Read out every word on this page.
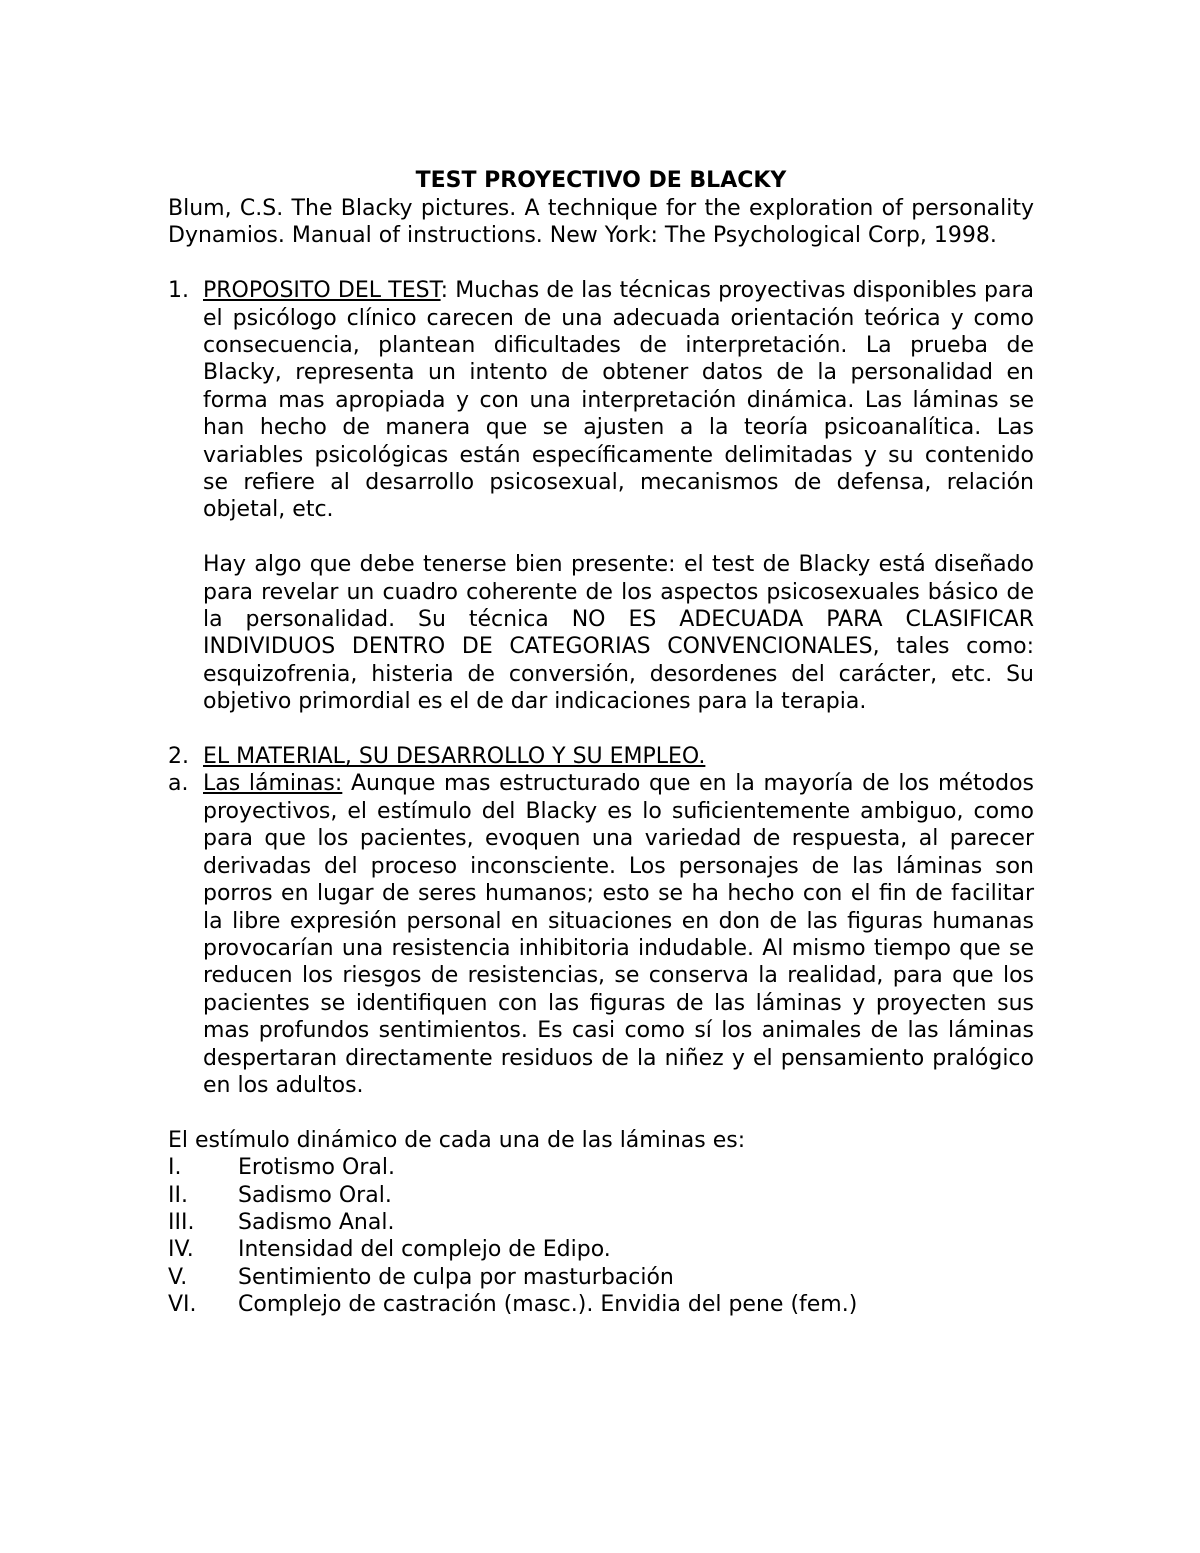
TEST PROYECTIVO DE BLACKY

Blum, C.S. The Blacky pictures. A technique for the exploration of personality Dynamios. Manual of instructions. New York: The Psychological Corp, 1998.

1. PROPOSITO DEL TEST: Muchas de las técnicas proyectivas disponibles para el psicólogo clínico carecen de una adecuada orientación teórica y como consecuencia, plantean dificultades de interpretación. La prueba de Blacky, representa un intento de obtener datos de la personalidad en forma mas apropiada y con una interpretación dinámica. Las láminas se han hecho de manera que se ajusten a la teoría psicoanalítica. Las variables psicológicas están específicamente delimitadas y su contenido se refiere al desarrollo psicosexual, mecanismos de defensa, relación objetal, etc.

Hay algo que debe tenerse bien presente: el test de Blacky está diseñado para revelar un cuadro coherente de los aspectos psicosexuales básico de la personalidad. Su técnica NO ES ADECUADA PARA CLASIFICAR INDIVIDUOS DENTRO DE CATEGORIAS CONVENCIONALES, tales como: esquizofrenia, histeria de conversión, desordenes del carácter, etc. Su objetivo primordial es el de dar indicaciones para la terapia.

2. EL MATERIAL, SU DESARROLLO Y SU EMPLEO.

a. Las láminas: Aunque mas estructurado que en la mayoría de los métodos proyectivos, el estímulo del Blacky es lo suficientemente ambiguo, como para que los pacientes, evoquen una variedad de respuesta, al parecer derivadas del proceso inconsciente. Los personajes de las láminas son porros en lugar de seres humanos; esto se ha hecho con el fin de facilitar la libre expresión personal en situaciones en don de las figuras humanas provocarían una resistencia inhibitoria indudable. Al mismo tiempo que se reducen los riesgos de resistencias, se conserva la realidad, para que los pacientes se identifiquen con las figuras de las láminas y proyecten sus mas profundos sentimientos. Es casi como sí los animales de las láminas despertaran directamente residuos de la niñez y el pensamiento pralógico en los adultos.

El estímulo dinámico de cada una de las láminas es:

I.	Erotismo Oral.
II. Sadismo Oral.
III. Sadismo Anal.
IV. Intensidad del complejo de Edipo.
V. Sentimiento de culpa por masturbación
VI. Complejo de castración (masc.). Envidia del pene (fem.)
